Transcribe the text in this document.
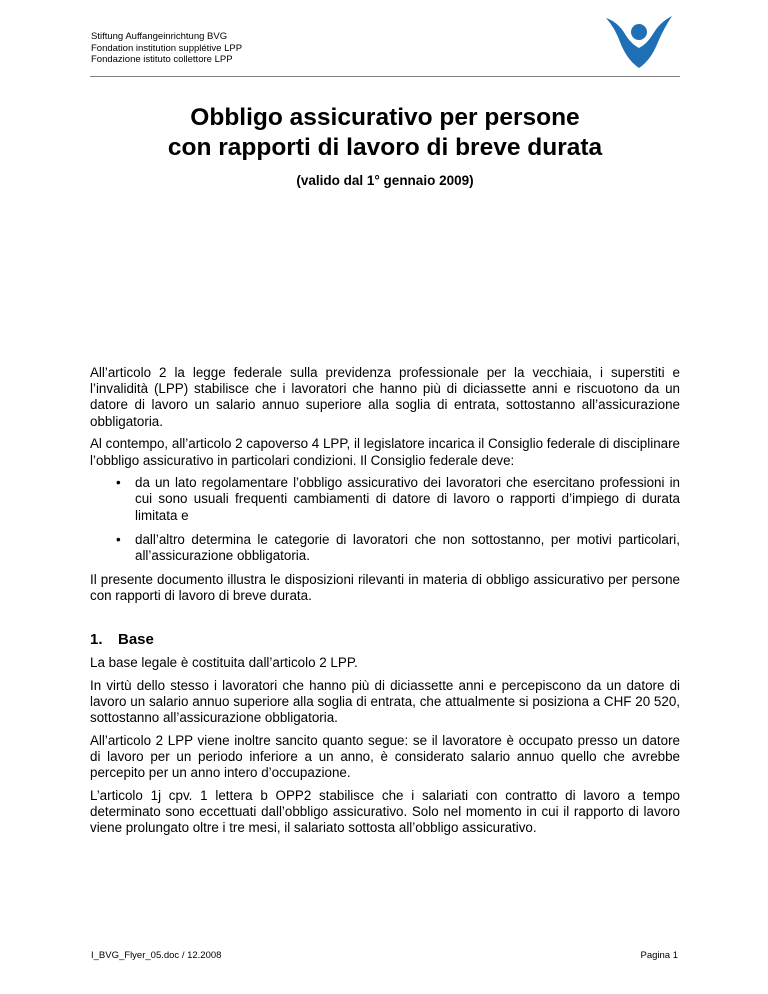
Stiftung Auffangeinrichtung BVG
Fondation institution supplétive LPP
Fondazione istituto collettore LPP
Obbligo assicurativo per persone
con rapporti di lavoro di breve durata
(valido dal 1° gennaio 2009)

All’articolo 2 la legge federale sulla previdenza professionale per la vecchiaia, i superstiti e l’invalidità (LPP) stabilisce che i lavoratori che hanno più di diciassette anni e riscuotono da un datore di lavoro un salario annuo superiore alla soglia di entrata, sottostanno all’assicurazione obbligatoria.

Al contempo, all’articolo 2 capoverso 4 LPP, il legislatore incarica il Consiglio federale di disciplinare l’obbligo assicurativo in particolari condizioni. Il Consiglio federale deve:

• da un lato regolamentare l’obbligo assicurativo dei lavoratori che esercitano professioni in cui sono usuali frequenti cambiamenti di datore di lavoro o rapporti d’impiego di durata limitata e
• dall’altro determina le categorie di lavoratori che non sottostanno, per motivi particolari, all’assicurazione obbligatoria.

Il presente documento illustra le disposizioni rilevanti in materia di obbligo assicurativo per persone con rapporti di lavoro di breve durata.

1.	Base

La base legale è costituita dall’articolo 2 LPP.

In virtù dello stesso i lavoratori che hanno più di diciassette anni e percepiscono da un datore di lavoro un salario annuo superiore alla soglia di entrata, che attualmente si posiziona a CHF 20 520, sottostanno all’assicurazione obbligatoria.

All’articolo 2 LPP viene inoltre sancito quanto segue: se il lavoratore è occupato presso un datore di lavoro per un periodo inferiore a un anno, è considerato salario annuo quello che avrebbe percepito per un anno intero d’occupazione.

L’articolo 1j cpv. 1 lettera b OPP2 stabilisce che i salariati con contratto di lavoro a tempo determinato sono eccettuati dall’obbligo assicurativo. Solo nel momento in cui il rapporto di lavoro viene prolungato oltre i tre mesi, il salariato sottosta all’obbligo assicurativo.

I_BVG_Flyer_05.doc / 12.2008	Pagina 1
